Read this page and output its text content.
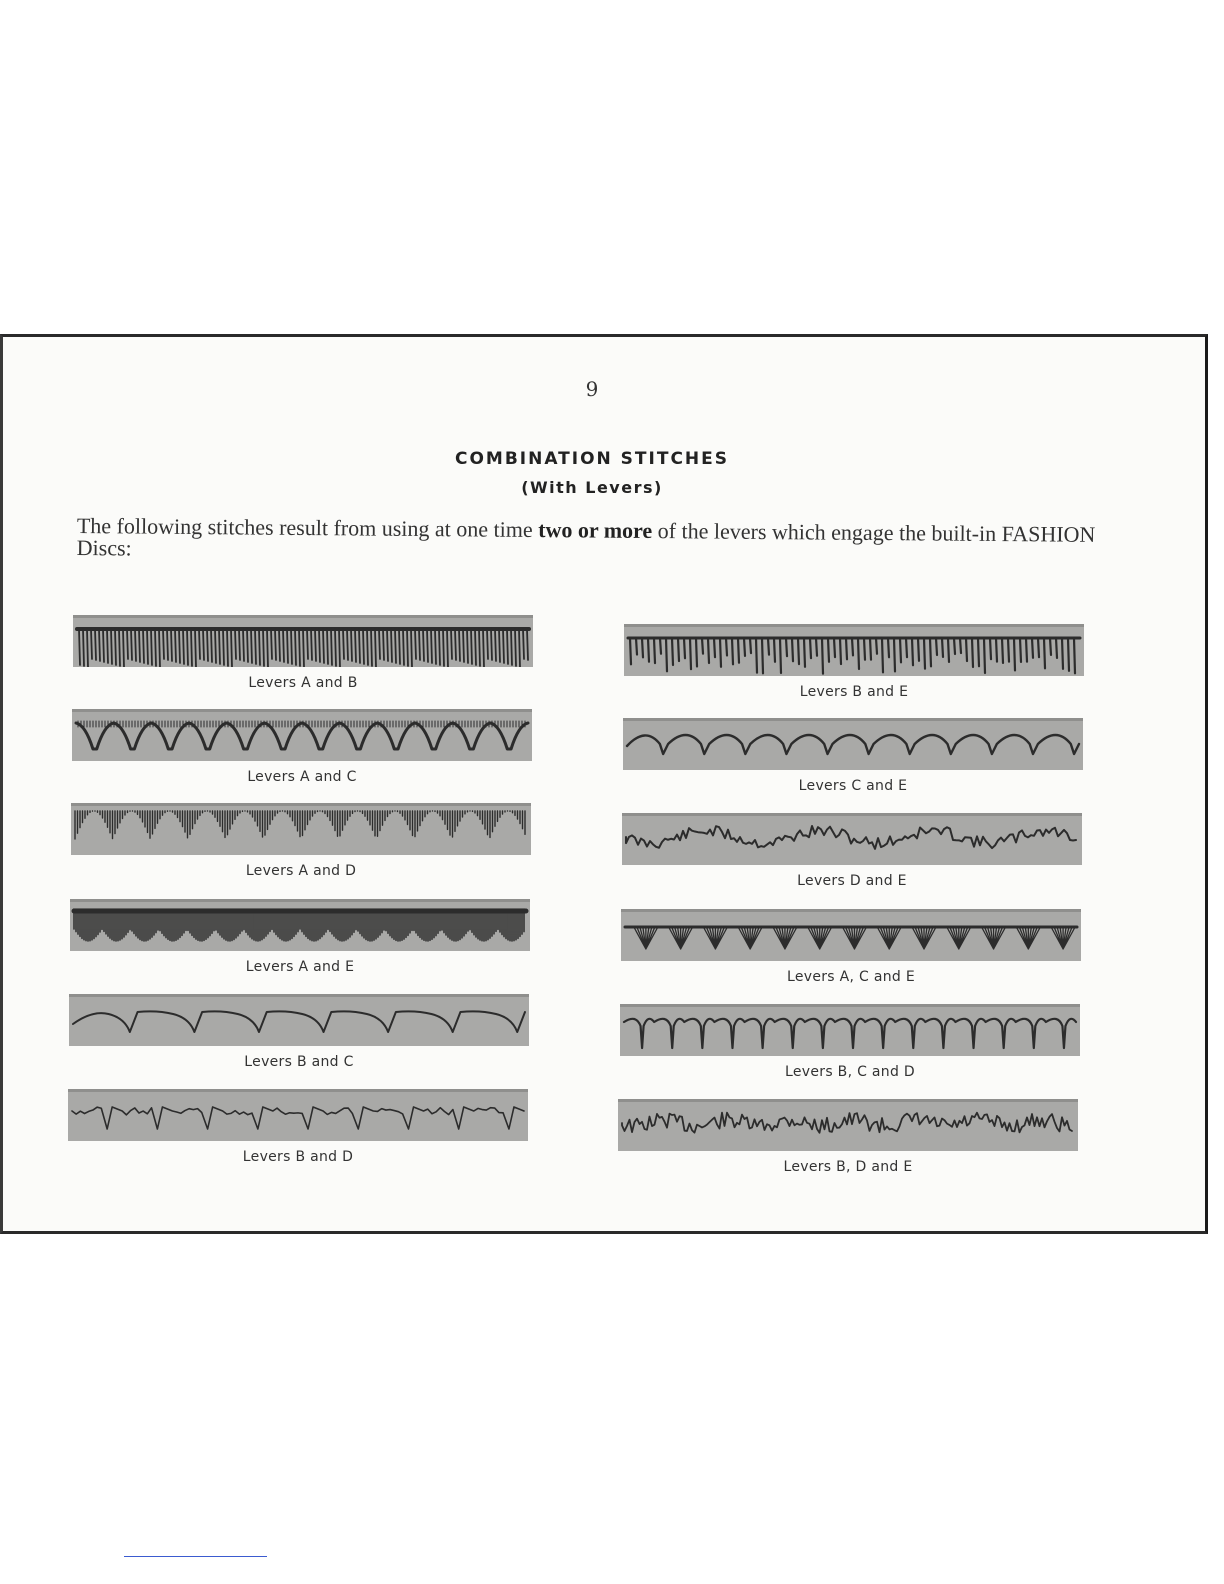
9
COMBINATION STITCHES
(With Levers)
The following stitches result from using at one time two or more of the levers which engage the built-in FASHION Discs:
Levers A and B
Levers A and C
Levers A and D
Levers A and E
Levers B and C
Levers B and D
Levers B and E
Levers C and E
Levers D and E
Levers A, C and E
Levers B, C and D
Levers B, D and E
